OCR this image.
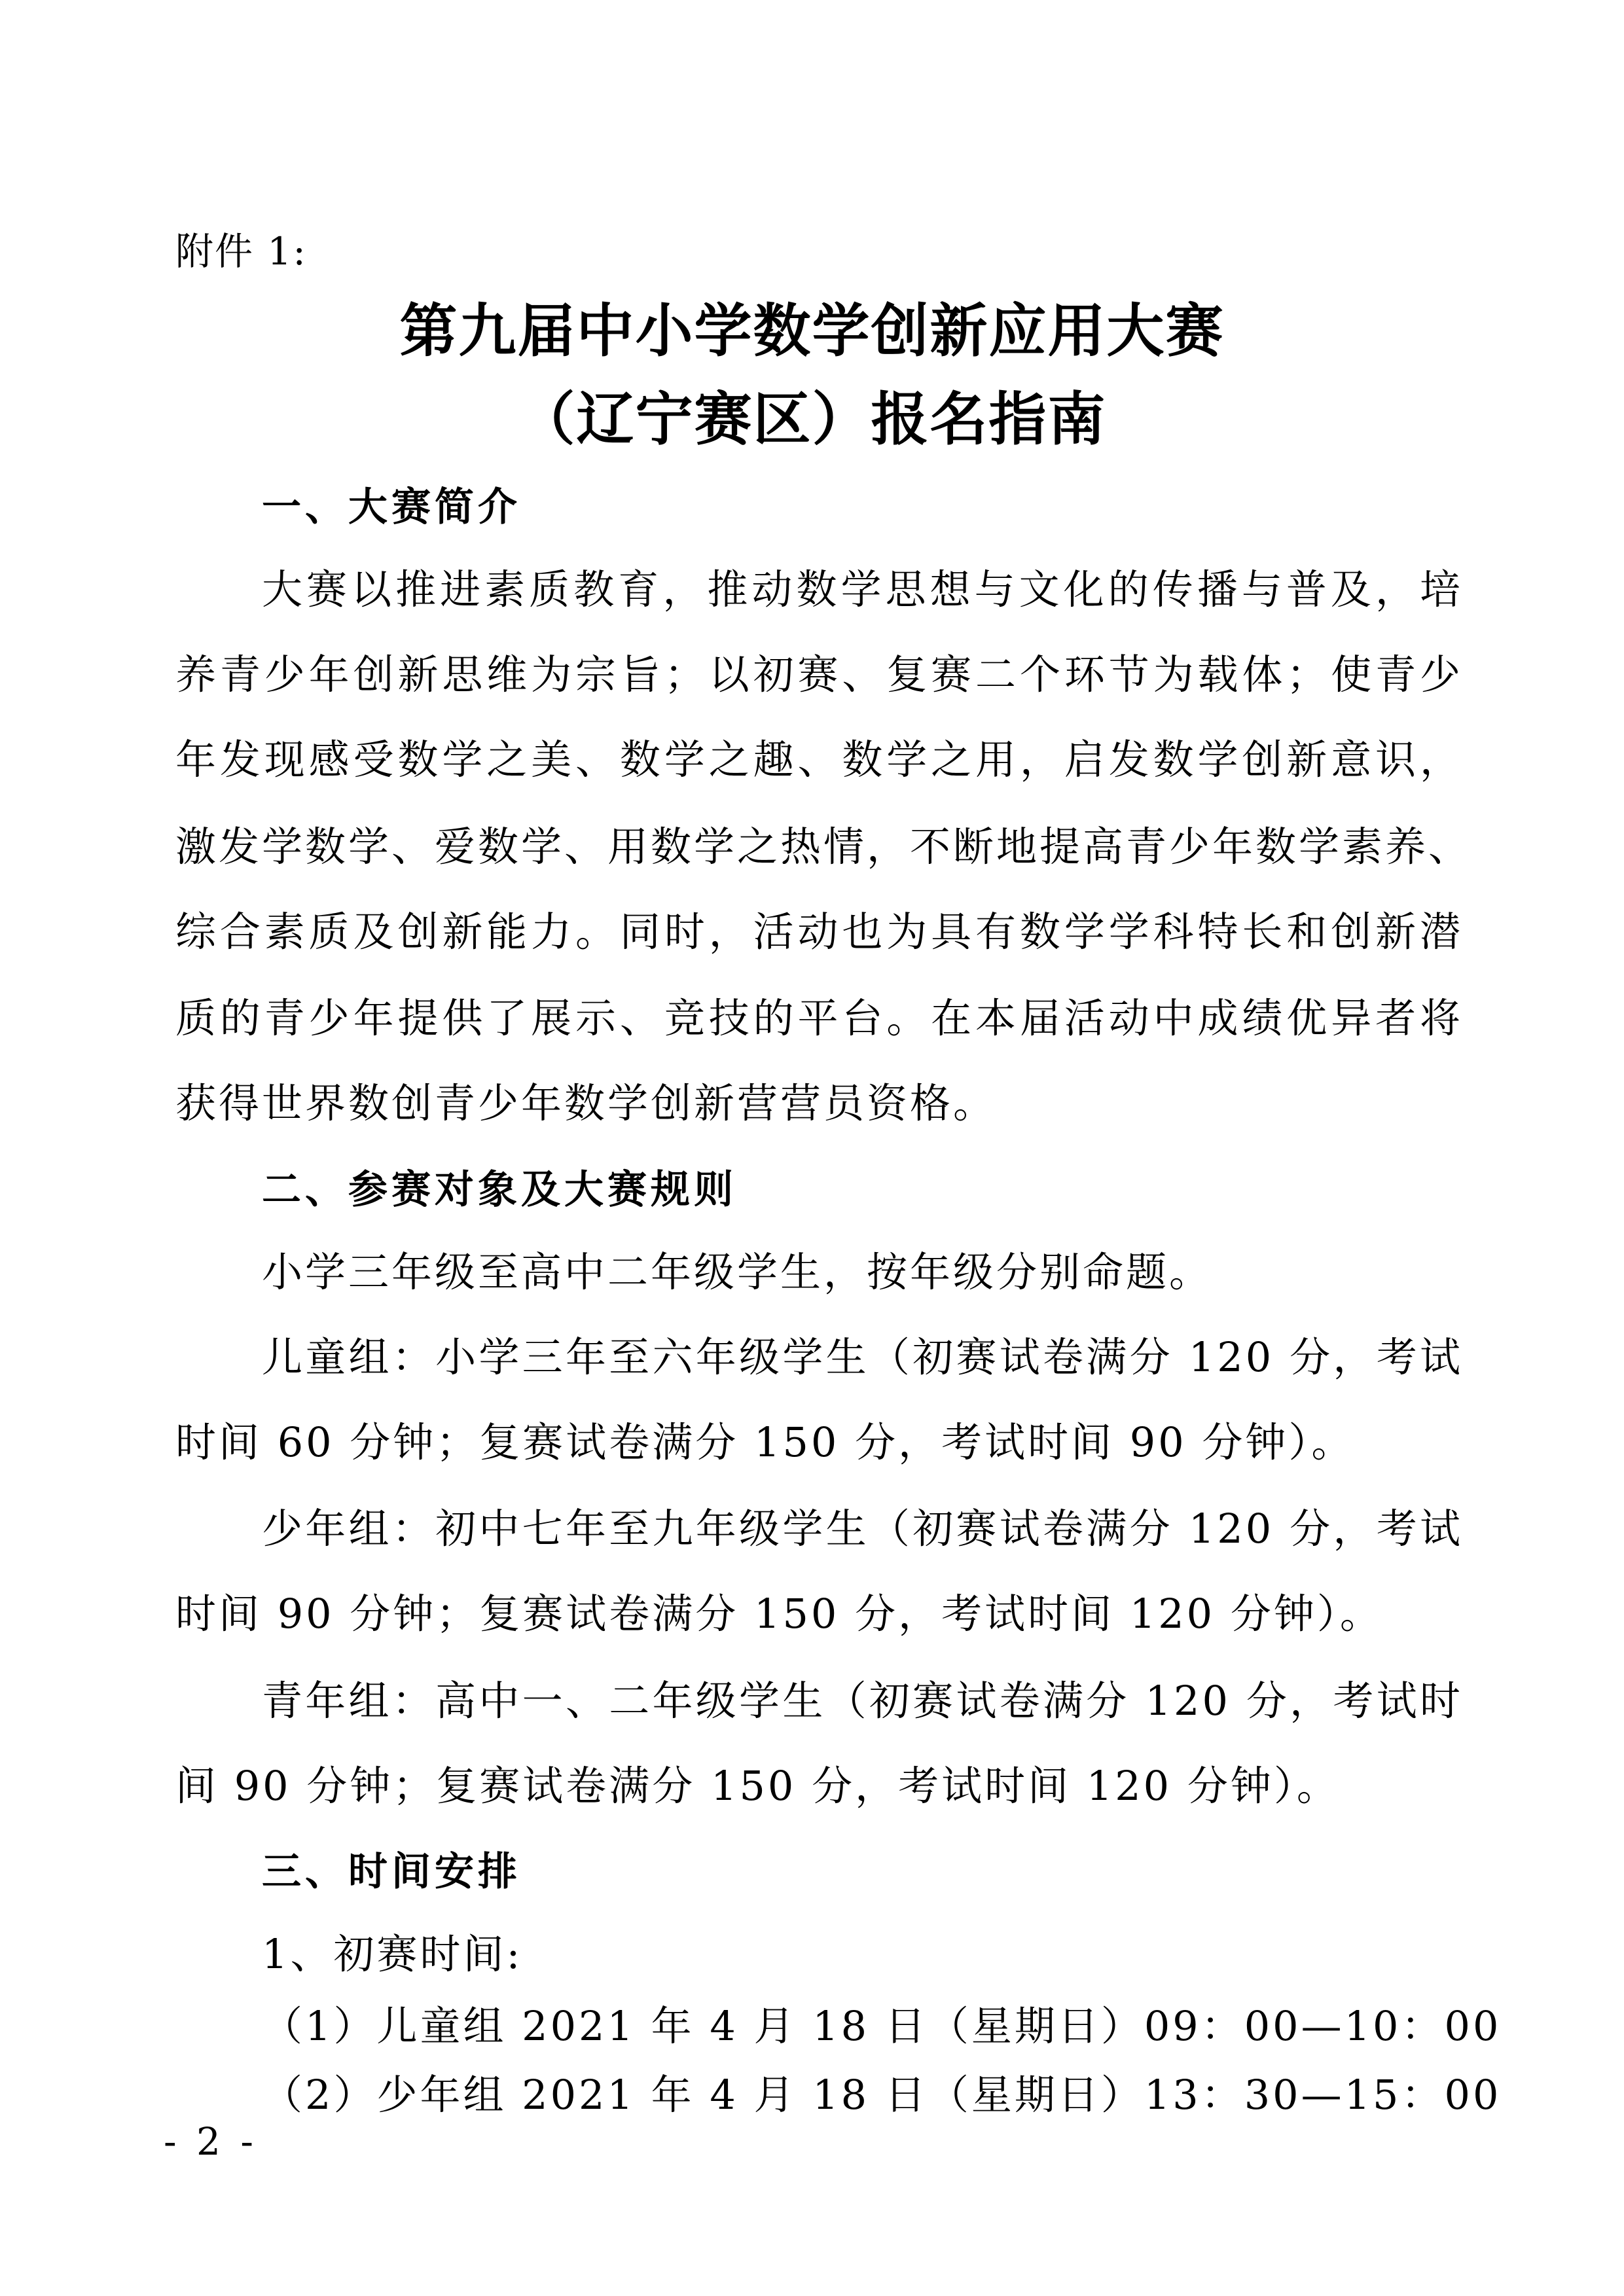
附件 1:
第九届中小学数学创新应用大赛
（辽宁赛区）报名指南
一、大赛简介
大赛以推进素质教育，推动数学思想与文化的传播与普及，培
养青少年创新思维为宗旨；以初赛、复赛二个环节为载体；使青少
年发现感受数学之美、数学之趣、数学之用，启发数学创新意识，
激发学数学、爱数学、用数学之热情，不断地提高青少年数学素养、
综合素质及创新能力。同时，活动也为具有数学学科特长和创新潜
质的青少年提供了展示、竞技的平台。在本届活动中成绩优异者将
获得世界数创青少年数学创新营营员资格。
二、参赛对象及大赛规则
小学三年级至高中二年级学生，按年级分别命题。
儿童组：小学三年至六年级学生（初赛试卷满分 120 分，考试
时间 60 分钟；复赛试卷满分 150 分，考试时间 90 分钟）。
少年组：初中七年至九年级学生（初赛试卷满分 120 分，考试
时间 90 分钟；复赛试卷满分 150 分，考试时间 120 分钟）。
青年组：高中一、二年级学生（初赛试卷满分 120 分，考试时
间 90 分钟；复赛试卷满分 150 分，考试时间 120 分钟）。
三、时间安排
1、初赛时间:
（1）儿童组 2021 年 4 月 18 日（星期日）09：00—10：00
（2）少年组 2021 年 4 月 18 日（星期日）13：30—15：00
- 2 -
